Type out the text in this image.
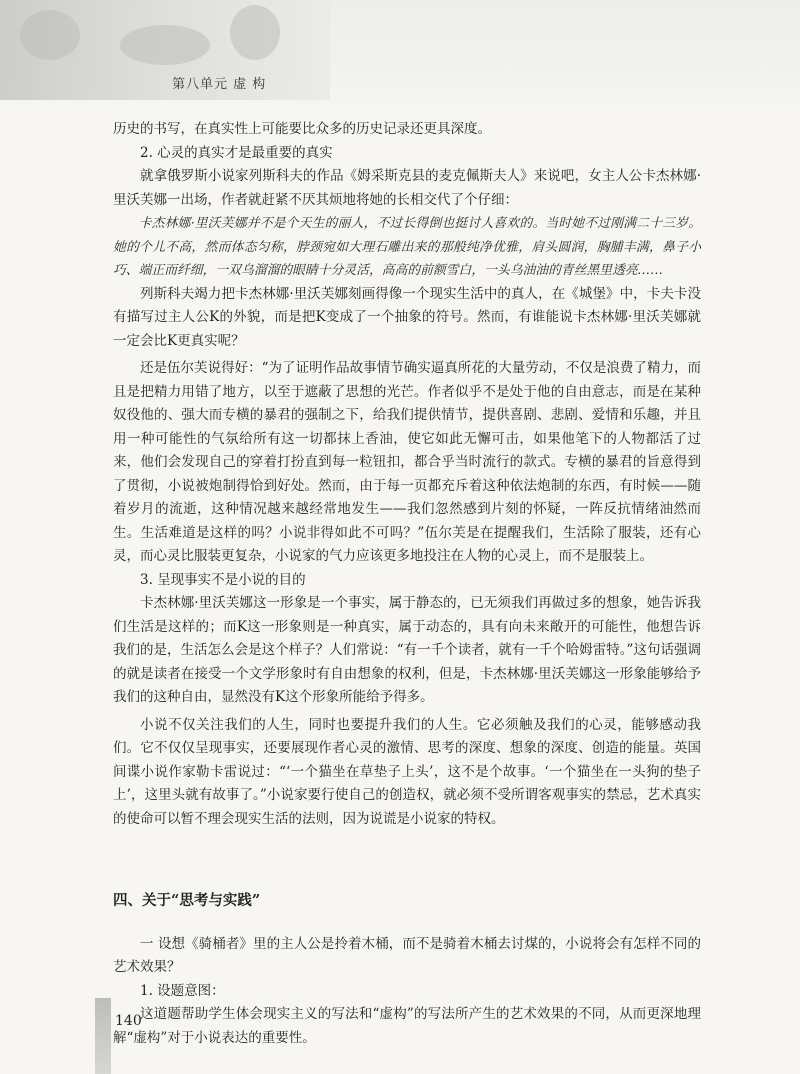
第八单元 虚 构

历史的书写，在真实性上可能要比众多的历史记录还更具深度。

2. 心灵的真实才是最重要的真实

就拿俄罗斯小说家列斯科夫的作品《姆采斯克县的麦克佩斯夫人》来说吧，女主人公卡杰林娜·里沃芙娜一出场，作者就赶紧不厌其烦地将她的长相交代了个仔细：

卡杰林娜·里沃芙娜并不是个天生的丽人，不过长得倒也挺讨人喜欢的。当时她不过刚满二十三岁。她的个儿不高，然而体态匀称，脖颈宛如大理石雕出来的那般纯净优雅，肩头圆润，胸脯丰满，鼻子小巧、端正而纤细，一双乌溜溜的眼睛十分灵活，高高的前额雪白，一头乌油油的青丝黑里透亮……

列斯科夫竭力把卡杰林娜·里沃芙娜刻画得像一个现实生活中的真人，在《城堡》中，卡夫卡没有描写过主人公K的外貌，而是把K变成了一个抽象的符号。然而，有谁能说卡杰林娜·里沃芙娜就一定会比K更真实呢？

还是伍尔芙说得好：“为了证明作品故事情节确实逼真所花的大量劳动，不仅是浪费了精力，而且是把精力用错了地方，以至于遮蔽了思想的光芒。作者似乎不是处于他的自由意志，而是在某种奴役他的、强大而专横的暴君的强制之下，给我们提供情节，提供喜剧、悲剧、爱情和乐趣，并且用一种可能性的气氛给所有这一切都抹上香油，使它如此无懈可击，如果他笔下的人物都活了过来，他们会发现自己的穿着打扮直到每一粒钮扣，都合乎当时流行的款式。专横的暴君的旨意得到了贯彻，小说被炮制得恰到好处。然而，由于每一页都充斥着这种依法炮制的东西，有时候——随着岁月的流逝，这种情况越来越经常地发生——我们忽然感到片刻的怀疑，一阵反抗情绪油然而生。生活难道是这样的吗？小说非得如此不可吗？”伍尔芙是在提醒我们，生活除了服装，还有心灵，而心灵比服装更复杂，小说家的气力应该更多地投注在人物的心灵上，而不是服装上。

3. 呈现事实不是小说的目的

卡杰林娜·里沃芙娜这一形象是一个事实，属于静态的，已无须我们再做过多的想象，她告诉我们生活是这样的；而K这一形象则是一种真实，属于动态的，具有向未来敞开的可能性，他想告诉我们的是，生活怎么会是这个样子？人们常说：“有一千个读者，就有一千个哈姆雷特。”这句话强调的就是读者在接受一个文学形象时有自由想象的权利，但是，卡杰林娜·里沃芙娜这一形象能够给予我们的这种自由，显然没有K这个形象所能给予得多。

小说不仅关注我们的人生，同时也要提升我们的人生。它必须触及我们的心灵，能够感动我们。它不仅仅呈现事实，还要展现作者心灵的激情、思考的深度、想象的深度、创造的能量。英国间谍小说作家勒卡雷说过：“‘一个猫坐在草垫子上头’，这不是个故事。‘一个猫坐在一头狗的垫子上’，这里头就有故事了。”小说家要行使自己的创造权，就必须不受所谓客观事实的禁忌，艺术真实的使命可以暂不理会现实生活的法则，因为说谎是小说家的特权。

四、关于“思考与实践”

一 设想《骑桶者》里的主人公是拎着木桶，而不是骑着木桶去讨煤的，小说将会有怎样不同的艺术效果？

1. 设题意图：

这道题帮助学生体会现实主义的写法和“虚构”的写法所产生的艺术效果的不同，从而更深地理解“虚构”对于小说表达的重要性。

140
